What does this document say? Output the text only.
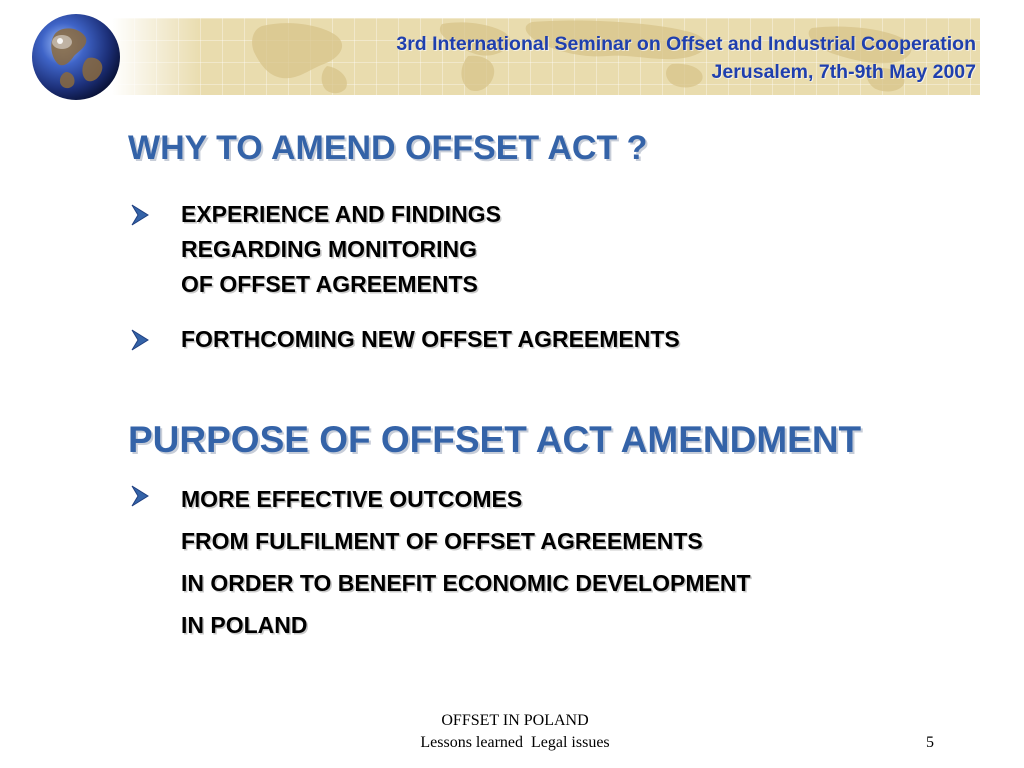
3rd International Seminar on Offset and Industrial Cooperation
Jerusalem, 7th-9th May 2007
WHY TO AMEND OFFSET ACT ?

EXPERIENCE AND FINDINGS
REGARDING MONITORING
OF OFFSET AGREEMENTS

FORTHCOMING NEW OFFSET AGREEMENTS

PURPOSE OF OFFSET ACT AMENDMENT

MORE EFFECTIVE OUTCOMES
FROM FULFILMENT OF OFFSET AGREEMENTS
IN ORDER TO BENEFIT ECONOMIC DEVELOPMENT
IN POLAND

OFFSET IN POLAND
Lessons learned  Legal issues	5
